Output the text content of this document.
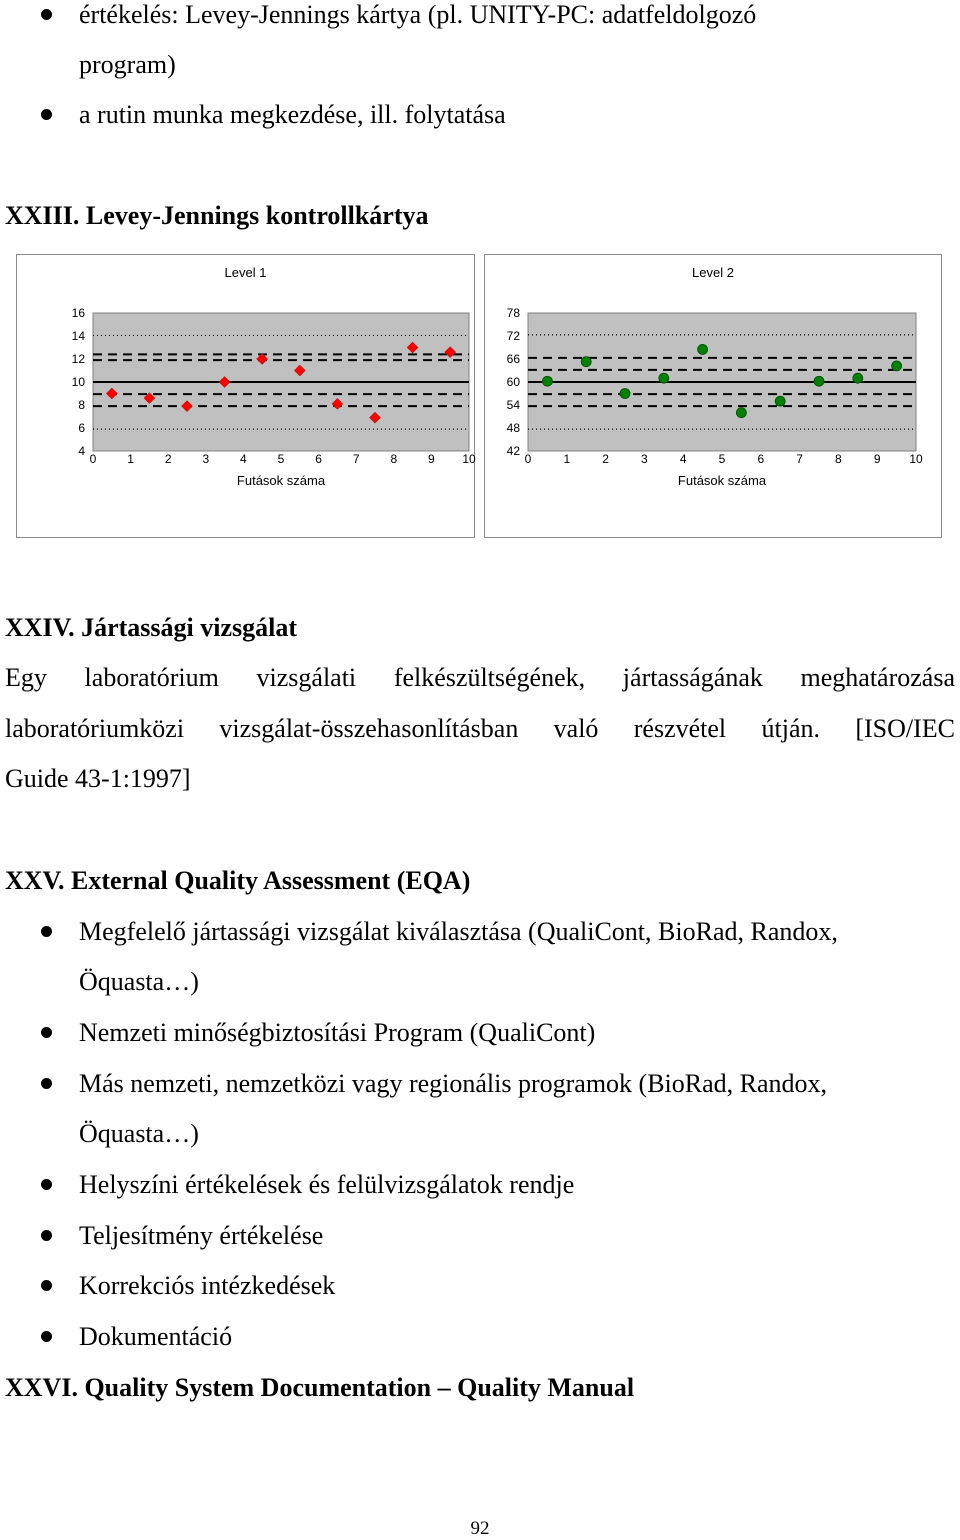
értékelés: Levey-Jennings kártya (pl. UNITY-PC: adatfeldolgozó
program)
a rutin munka megkezdése, ill. folytatása
XXIII. Levey-Jennings kontrollkártya
Level 1
4
6
8
10
12
14
16
0	1	2	3	4	5	6	7	8	9 10
Futások száma
Level 2
42
48
54
60
66
72
78
0	1	2	3	4	5	6	7	8	9 10
Futások száma
XXIV. Jártassági vizsgálat
Egy laboratórium vizsgálati felkészültségének, jártasságának meghatározása
laboratóriumközi vizsgálat-összehasonlításban való részvétel útján. [ISO/IEC
Guide 43-1:1997]
XXV. External Quality Assessment (EQA)
Megfelelő jártassági vizsgálat kiválasztása (QualiCont, BioRad, Randox,
Öquasta…)
Nemzeti minőségbiztosítási Program (QualiCont)
Más nemzeti, nemzetközi vagy regionális programok (BioRad, Randox,
Öquasta…)
Helyszíni értékelések és felülvizsgálatok rendje
Teljesítmény értékelése
Korrekciós intézkedések
Dokumentáció
XXVI. Quality System Documentation – Quality Manual
92
